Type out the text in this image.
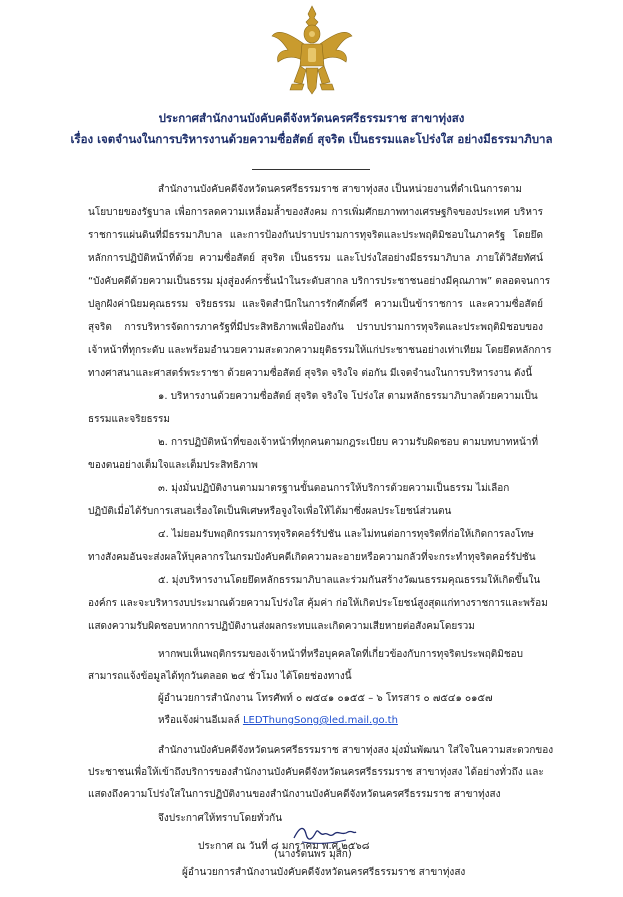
ประกาศสำนักงานบังคับคดีจังหวัดนครศรีธรรมราช สาขาทุ่งสง
เรื่อง เจตจำนงในการบริหารงานด้วยความซื่อสัตย์ สุจริต เป็นธรรมและโปร่งใส อย่างมีธรรมาภิบาล
สำนักงานบังคับคดีจังหวัดนครศรีธรรมราช สาขาทุ่งสง เป็นหน่วยงานที่ดำเนินการตาม
นโยบายของรัฐบาล เพื่อการลดความเหลื่อมล้ำของสังคม การเพิ่มศักยภาพทางเศรษฐกิจของประเทศ บริหาร
ราชการแผ่นดินที่มีธรรมาภิบาล และการป้องกันปราบปรามการทุจริตและประพฤติมิชอบในภาครัฐ โดยยึด
หลักการปฏิบัติหน้าที่ด้วย ความซื่อสัตย์ สุจริต เป็นธรรม และโปร่งใสอย่างมีธรรมาภิบาล ภายใต้วิสัยทัศน์
“บังคับคดีด้วยความเป็นธรรม มุ่งสู่องค์กรชั้นนำในระดับสากล บริการประชาชนอย่างมีคุณภาพ” ตลอดจนการ
ปลูกฝังค่านิยมคุณธรรม จริยธรรม และจิตสำนึกในการรักศักดิ์ศรี ความเป็นข้าราชการ และความซื่อสัตย์
สุจริต การบริหารจัดการภาครัฐที่มีประสิทธิภาพเพื่อป้องกัน ปราบปรามการทุจริตและประพฤติมิชอบของ
เจ้าหน้าที่ทุกระดับ และพร้อมอำนวยความสะดวกความยุติธรรมให้แก่ประชาชนอย่างเท่าเทียม โดยยึดหลักการ
ทางศาสนาและศาสตร์พระราชา ด้วยความซื่อสัตย์ สุจริต จริงใจ ต่อกัน มีเจตจำนงในการบริหารงาน ดังนี้
๑. บริหารงานด้วยความซื่อสัตย์ สุจริต จริงใจ โปร่งใส ตามหลักธรรมาภิบาลด้วยความเป็น
ธรรมและจริยธรรม
๒. การปฏิบัติหน้าที่ของเจ้าหน้าที่ทุกคนตามกฎระเบียบ ความรับผิดชอบ ตามบทบาทหน้าที่
ของตนอย่างเต็มใจและเต็มประสิทธิภาพ
๓. มุ่งมั่นปฏิบัติงานตามมาตรฐานขั้นตอนการให้บริการด้วยความเป็นธรรม ไม่เลือก
ปฏิบัติเมื่อได้รับการเสนอเรื่องใดเป็นพิเศษหรือจูงใจเพื่อให้ได้มาซึ่งผลประโยชน์ส่วนตน
๔. ไม่ยอมรับพฤติกรรมการทุจริตคอร์รัปชัน และไม่ทนต่อการทุจริตที่ก่อให้เกิดการลงโทษ
ทางสังคมอันจะส่งผลให้บุคลากรในกรมบังคับคดีเกิดความละอายหรือความกลัวที่จะกระทำทุจริตคอร์รัปชัน
๕. มุ่งบริหารงานโดยยึดหลักธรรมาภิบาลและร่วมกันสร้างวัฒนธรรมคุณธรรมให้เกิดขึ้นใน
องค์กร และจะบริหารงบประมาณด้วยความโปร่งใส คุ้มค่า ก่อให้เกิดประโยชน์สูงสุดแก่ทางราชการและพร้อม
แสดงความรับผิดชอบหากการปฏิบัติงานส่งผลกระทบและเกิดความเสียหายต่อสังคมโดยรวม
หากพบเห็นพฤติกรรมของเจ้าหน้าที่หรือบุคคลใดที่เกี่ยวข้องกับการทุจริตประพฤติมิชอบ
สามารถแจ้งข้อมูลได้ทุกวันตลอด ๒๔ ชั่วโมง ได้โดยช่องทางนี้
ผู้อำนวยการสำนักงาน โทรศัพท์ ๐ ๗๕๔๑ ๐๑๕๕ – ๖ โทรสาร ๐ ๗๕๔๑ ๐๑๕๗
หรือแจ้งผ่านอีเมลล์ LEDThungSong@led.mail.go.th
สำนักงานบังคับคดีจังหวัดนครศรีธรรมราช สาขาทุ่งสง มุ่งมั่นพัฒนา ใส่ใจในความสะดวกของ
ประชาชนเพื่อให้เข้าถึงบริการของสำนักงานบังคับคดีจังหวัดนครศรีธรรมราช สาขาทุ่งสง ได้อย่างทั่วถึง และ
แสดงถึงความโปร่งใสในการปฏิบัติงานของสำนักงานบังคับคดีจังหวัดนครศรีธรรมราช สาขาทุ่งสง
จึงประกาศให้ทราบโดยทั่วกัน
ประกาศ ณ วันที่ ๘ มกราคม พ.ศ.๒๕๖๘
(นางรัตนพร มุสิก)
ผู้อำนวยการสำนักงานบังคับคดีจังหวัดนครศรีธรรมราช สาขาทุ่งสง
